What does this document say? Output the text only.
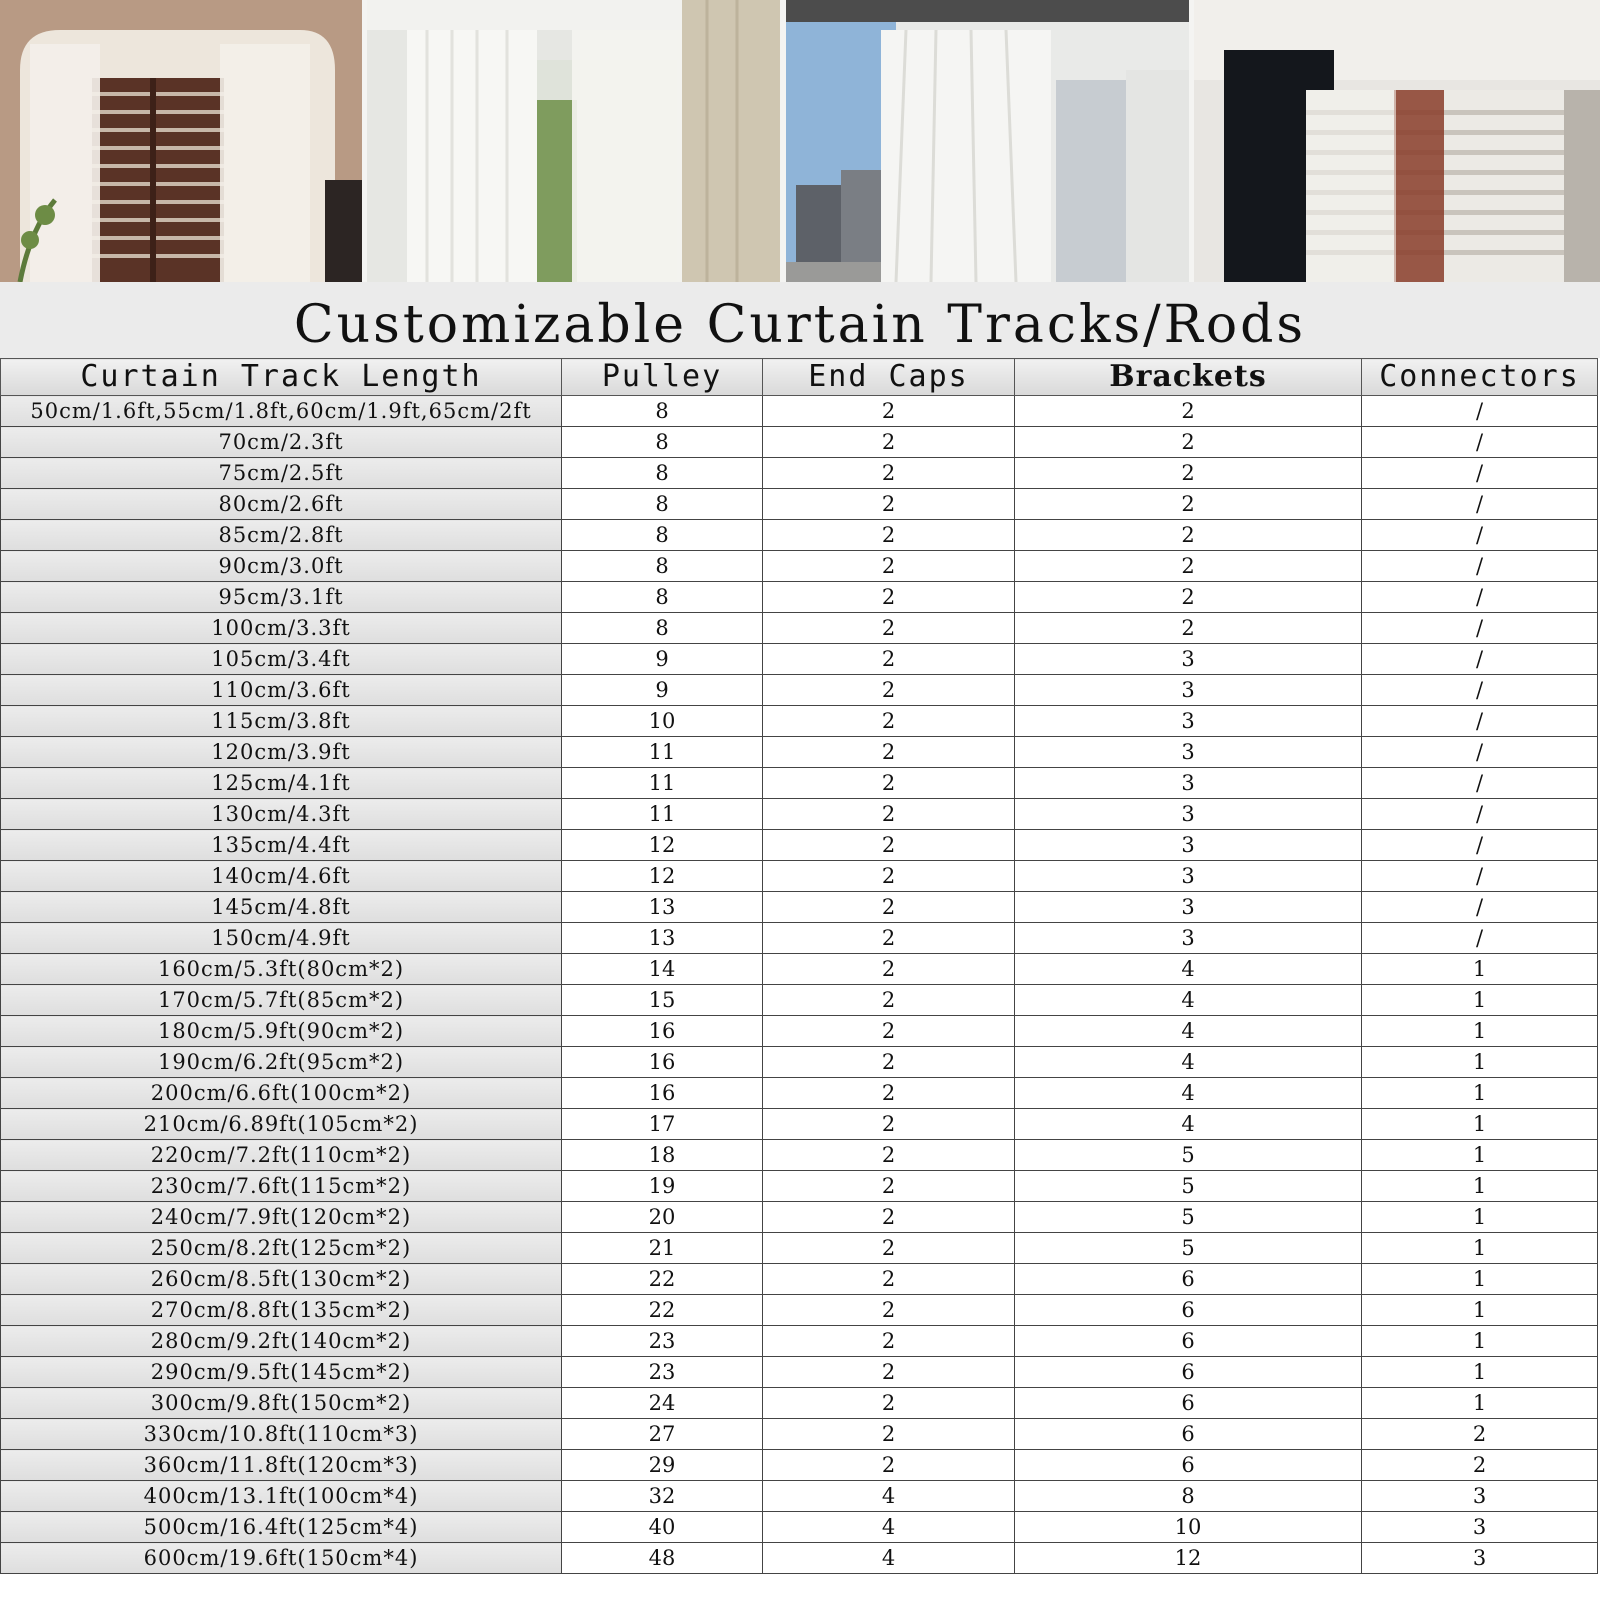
Customizable Curtain Tracks/Rods
Curtain Track Length	Pulley	End Caps	Brackets	Connectors
50cm/1.6ft,55cm/1.8ft,60cm/1.9ft,65cm/2ft	8	2	2	/
70cm/2.3ft	8	2	2	/
75cm/2.5ft	8	2	2	/
80cm/2.6ft	8	2	2	/
85cm/2.8ft	8	2	2	/
90cm/3.0ft	8	2	2	/
95cm/3.1ft	8	2	2	/
100cm/3.3ft	8	2	2	/
105cm/3.4ft	9	2	3	/
110cm/3.6ft	9	2	3	/
115cm/3.8ft	10	2	3	/
120cm/3.9ft	11	2	3	/
125cm/4.1ft	11	2	3	/
130cm/4.3ft	11	2	3	/
135cm/4.4ft	12	2	3	/
140cm/4.6ft	12	2	3	/
145cm/4.8ft	13	2	3	/
150cm/4.9ft	13	2	3	/
160cm/5.3ft(80cm*2)	14	2	4	1
170cm/5.7ft(85cm*2)	15	2	4	1
180cm/5.9ft(90cm*2)	16	2	4	1
190cm/6.2ft(95cm*2)	16	2	4	1
200cm/6.6ft(100cm*2)	16	2	4	1
210cm/6.89ft(105cm*2)	17	2	4	1
220cm/7.2ft(110cm*2)	18	2	5	1
230cm/7.6ft(115cm*2)	19	2	5	1
240cm/7.9ft(120cm*2)	20	2	5	1
250cm/8.2ft(125cm*2)	21	2	5	1
260cm/8.5ft(130cm*2)	22	2	6	1
270cm/8.8ft(135cm*2)	22	2	6	1
280cm/9.2ft(140cm*2)	23	2	6	1
290cm/9.5ft(145cm*2)	23	2	6	1
300cm/9.8ft(150cm*2)	24	2	6	1
330cm/10.8ft(110cm*3)	27	2	6	2
360cm/11.8ft(120cm*3)	29	2	6	2
400cm/13.1ft(100cm*4)	32	4	8	3
500cm/16.4ft(125cm*4)	40	4	10	3
600cm/19.6ft(150cm*4)	48	4	12	3
